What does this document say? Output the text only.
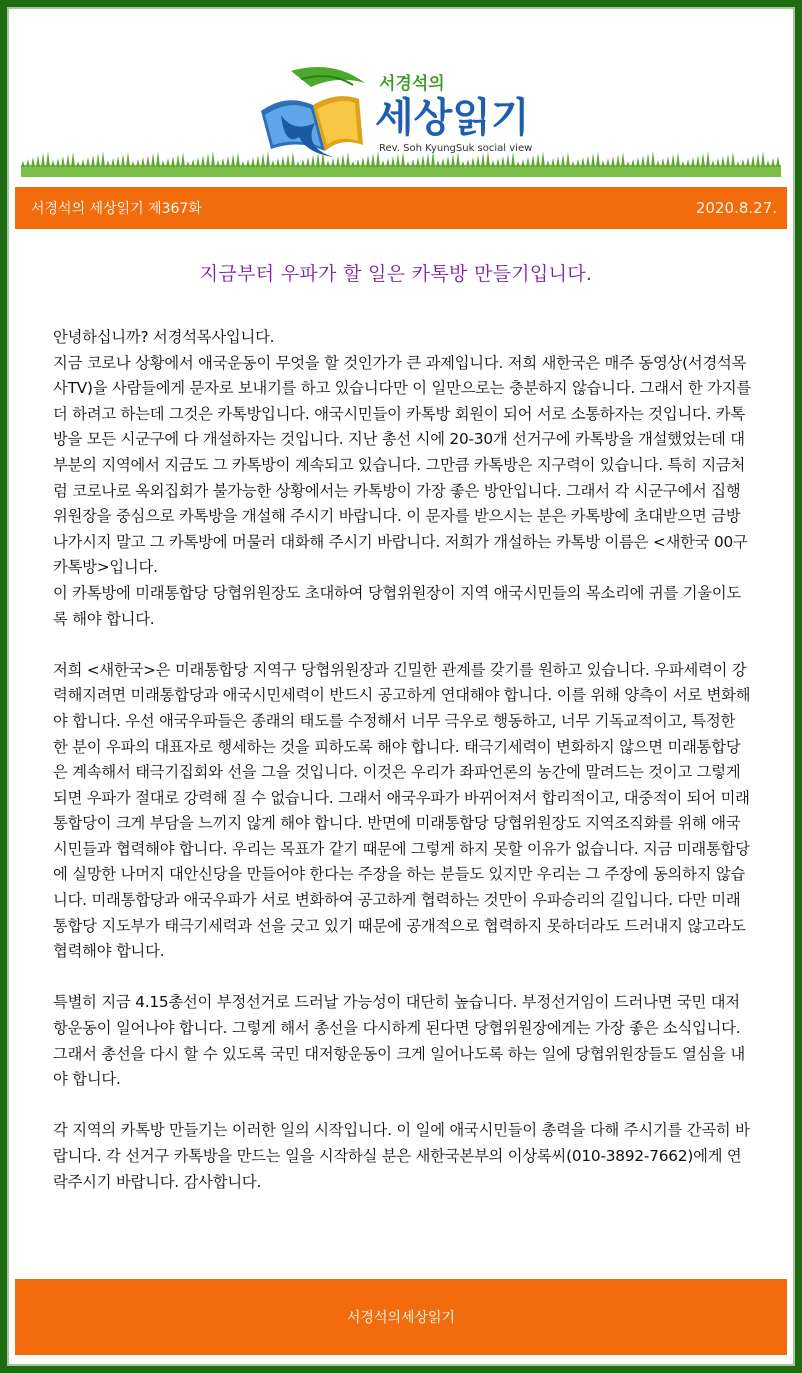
서경석의
세상읽기
Rev. Soh KyungSuk social view
서경석의 세상읽기 제367화	2020.8.27.
지금부터 우파가 할 일은 카톡방 만들기입니다.

안녕하십니까? 서경석목사입니다.

지금 코로나 상황에서 애국운동이 무엇을 할 것인가가 큰 과제입니다. 저희 새한국은 매주 동영상(서경석목사TV)을 사람들에게 문자로 보내기를 하고 있습니다만 이 일만으로는 충분하지 않습니다. 그래서 한 가지를 더 하려고 하는데 그것은 카톡방입니다. 애국시민들이 카톡방 회원이 되어 서로 소통하자는 것입니다. 카톡방을 모든 시군구에 다 개설하자는 것입니다. 지난 총선 시에 20-30개 선거구에 카톡방을 개설했었는데 대부분의 지역에서 지금도 그 카톡방이 계속되고 있습니다. 그만큼 카톡방은 지구력이 있습니다. 특히 지금처럼 코로나로 옥외집회가 불가능한 상황에서는 카톡방이 가장 좋은 방안입니다. 그래서 각 시군구에서 집행위원장을 중심으로 카톡방을 개설해 주시기 바랍니다. 이 문자를 받으시는 분은 카톡방에 초대받으면 금방 나가시지 말고 그 카톡방에 머물러 대화해 주시기 바랍니다. 저희가 개설하는 카톡방 이름은 <새한국 00구 카톡방>입니다.

이 카톡방에 미래통합당 당협위원장도 초대하여 당협위원장이 지역 애국시민들의 목소리에 귀를 기울이도록 해야 합니다.

저희 <새한국>은 미래통합당 지역구 당협위원장과 긴밀한 관계를 갖기를 원하고 있습니다. 우파세력이 강력해지려면 미래통합당과 애국시민세력이 반드시 공고하게 연대해야 합니다. 이를 위해 양측이 서로 변화해야 합니다. 우선 애국우파들은 종래의 태도를 수정해서 너무 극우로 행동하고, 너무 기독교적이고, 특정한 한 분이 우파의 대표자로 행세하는 것을 피하도록 해야 합니다. 태극기세력이 변화하지 않으면 미래통합당은 계속해서 태극기집회와 선을 그을 것입니다. 이것은 우리가 좌파언론의 농간에 말려드는 것이고 그렇게 되면 우파가 절대로 강력해 질 수 없습니다. 그래서 애국우파가 바뀌어져서 합리적이고, 대중적이 되어 미래통합당이 크게 부담을 느끼지 않게 해야 합니다. 반면에 미래통합당 당협위원장도 지역조직화를 위해 애국시민들과 협력해야 합니다. 우리는 목표가 같기 때문에 그렇게 하지 못할 이유가 없습니다. 지금 미래통합당에 실망한 나머지 대안신당을 만들어야 한다는 주장을 하는 분들도 있지만 우리는 그 주장에 동의하지 않습니다. 미래통합당과 애국우파가 서로 변화하여 공고하게 협력하는 것만이 우파승리의 길입니다. 다만 미래통합당 지도부가 태극기세력과 선을 긋고 있기 때문에 공개적으로 협력하지 못하더라도 드러내지 않고라도 협력해야 합니다.

특별히 지금 4.15총선이 부정선거로 드러날 가능성이 대단히 높습니다. 부정선거임이 드러나면 국민 대저항운동이 일어나야 합니다. 그렇게 해서 총선을 다시하게 된다면 당협위원장에게는 가장 좋은 소식입니다. 그래서 총선을 다시 할 수 있도록 국민 대저항운동이 크게 일어나도록 하는 일에 당협위원장들도 열심을 내야 합니다.

각 지역의 카톡방 만들기는 이러한 일의 시작입니다. 이 일에 애국시민들이 총력을 다해 주시기를 간곡히 바랍니다. 각 선거구 카톡방을 만드는 일을 시작하실 분은 새한국본부의 이상록씨(010-3892-7662)에게 연락주시기 바랍니다. 감사합니다.

서경석의세상읽기
